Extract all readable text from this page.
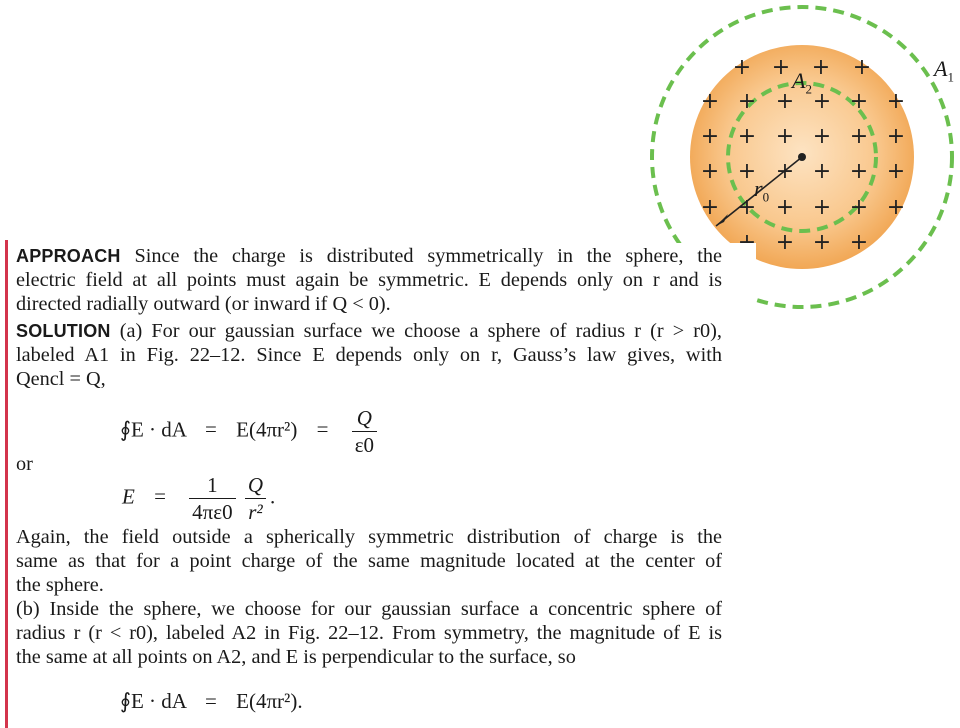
+ + + +
+ + + + + +
+ + + + + +
+ + + + + +
+ + + + + +
+ + +
$A_2$
$A_1$
$r_0$
APPROACH Since the charge is distributed symmetrically in the sphere, the
electric field at all points must again be symmetric. E depends only on r and is
directed radially outward (or inward if Q < 0).
SOLUTION (a) For our gaussian surface we choose a sphere of radius r (r > r0),
labeled A1 in Fig. 22–12. Since E depends only on r, Gauss’s law gives, with
Qencl = Q,
∮E · dA = $E(4\pi r^2) = \frac{Q}{\varepsilon 0}$
or
$E = \frac{1}{4\pi\varepsilon 0}$
$\frac{Q}{\text{r²}}$ .
Again, the field outside a spherically symmetric distribution of charge is the
same as that for a point charge of the same magnitude located at the center of
the sphere.
(b) Inside the sphere, we choose for our gaussian surface a concentric sphere of
radius r (r < r0), labeled A2 in Fig. 22–12. From symmetry, the magnitude of E is
the same at all points on A2, and E is perpendicular to the surface, so
∮E · dA = E(4πr²).
